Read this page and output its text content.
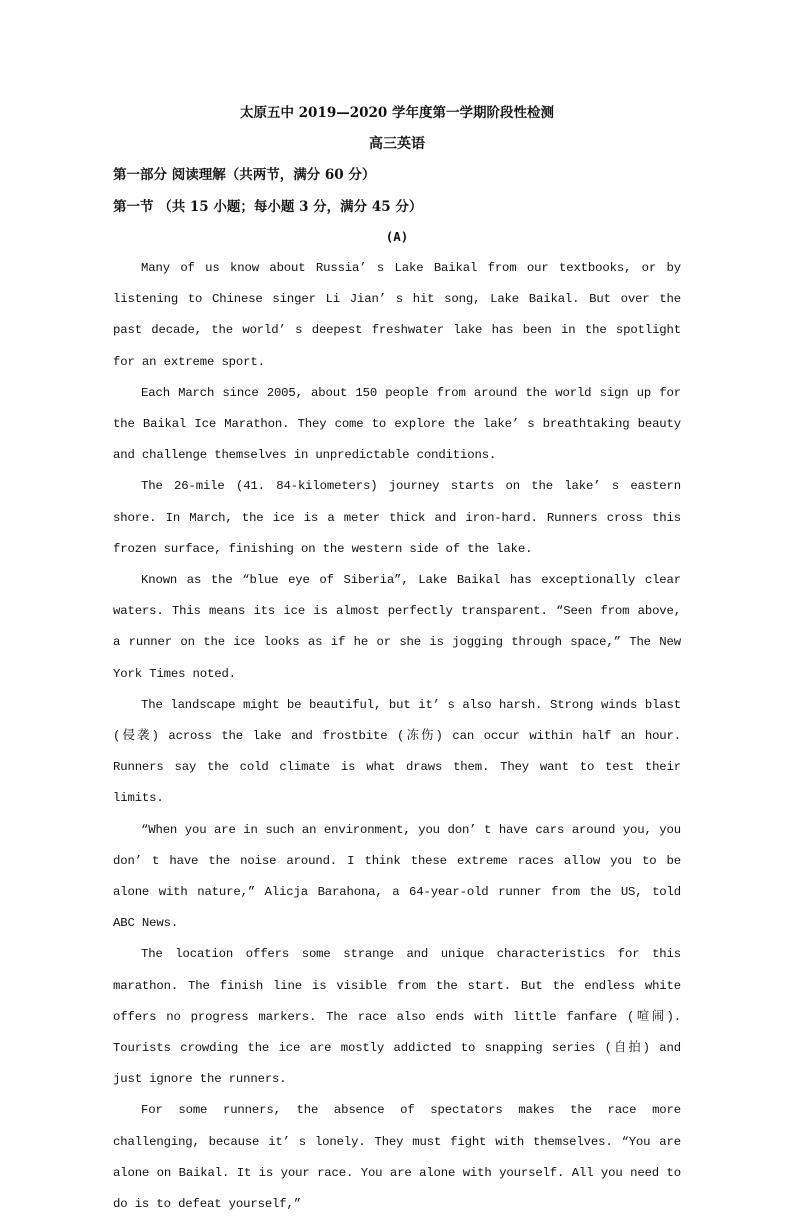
太原五中 2019—2020 学年度第一学期阶段性检测
高三英语
第一部分 阅读理解（共两节，满分 60 分）
第一节 （共 15 小题；每小题 3 分，满分 45 分）
(A)

Many of us know about Russia’ s Lake Baikal from our textbooks, or by listening to Chinese singer Li Jian’ s hit song, Lake Baikal. But over the past decade, the world’ s deepest freshwater lake has been in the spotlight for an extreme sport.

Each March since 2005, about 150 people from around the world sign up for the Baikal Ice Marathon. They come to explore the lake’ s breathtaking beauty and challenge themselves in unpredictable conditions.

The 26-mile (41. 84-kilometers) journey starts on the lake’ s eastern shore. In March, the ice is a meter thick and iron-hard. Runners cross this frozen surface, finishing on the western side of the lake.

Known as the “blue eye of Siberia”, Lake Baikal has exceptionally clear waters. This means its ice is almost perfectly transparent. “Seen from above, a runner on the ice looks as if he or she is jogging through space,” The New York Times noted.

The landscape might be beautiful, but it’ s also harsh. Strong winds blast (侵袭) across the lake and frostbite (冻伤) can occur within half an hour. Runners say the cold climate is what draws them. They want to test their limits.

“When you are in such an environment, you don’ t have cars around you, you don’ t have the noise around. I think these extreme races allow you to be alone with nature,” Alicja Barahona, a 64-year-old runner from the US, told ABC News.

The location offers some strange and unique characteristics for this marathon. The finish line is visible from the start. But the endless white offers no progress markers. The race also ends with little fanfare (喧闹). Tourists crowding the ice are mostly addicted to snapping series (自拍) and just ignore the runners.

For some runners, the absence of spectators makes the race more challenging, because it’ s lonely. They must fight with themselves. “You are alone on Baikal. It is your race. You are alone with yourself. All you need to do is to defeat yourself,”
